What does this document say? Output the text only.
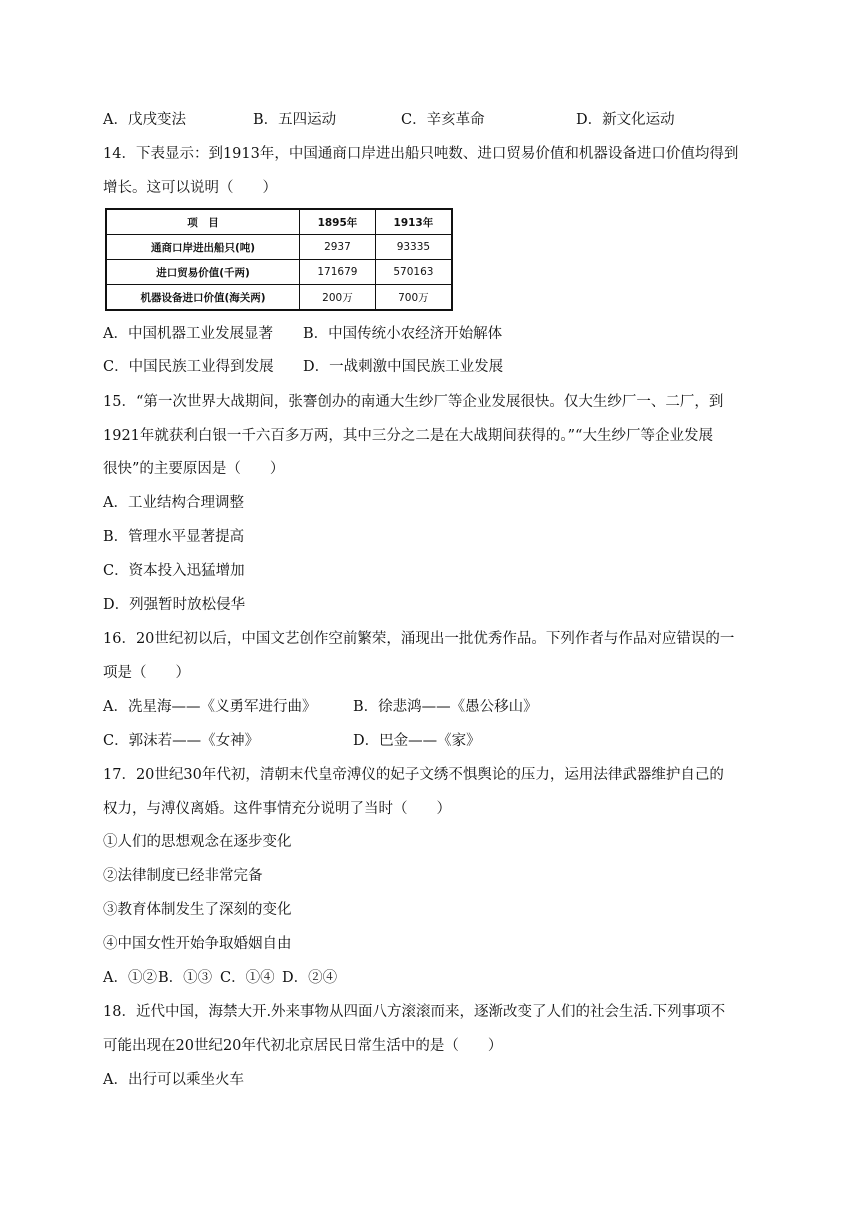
A．戊戌变法	B．五四运动	C．辛亥革命	D．新文化运动
14．下表显示：到1913年，中国通商口岸进出船只吨数、进口贸易价值和机器设备进口价值均得到
增长。这可以说明（　　）
项　目	1895年	1913年
通商口岸进出船只(吨)	2937	93335
进口贸易价值(千两)	171679	570163
机器设备进口价值(海关两)	200万	700万
A．中国机器工业发展显著	B．中国传统小农经济开始解体
C．中国民族工业得到发展	D．一战刺激中国民族工业发展
15．“第一次世界大战期间，张謇创办的南通大生纱厂等企业发展很快。仅大生纱厂一、二厂，到
1921年就获利白银一千六百多万两，其中三分之二是在大战期间获得的。”“大生纱厂等企业发展
很快”的主要原因是（　　）
A．工业结构合理调整
B．管理水平显著提高
C．资本投入迅猛增加
D．列强暂时放松侵华
16．20世纪初以后，中国文艺创作空前繁荣，涌现出一批优秀作品。下列作者与作品对应错误的一
项是（　　）
A．冼星海——《义勇军进行曲》	B．徐悲鸿——《愚公移山》
C．郭沫若——《女神》	D．巴金——《家》
17．20世纪30年代初，清朝末代皇帝溥仪的妃子文绣不惧舆论的压力，运用法律武器维护自己的
权力，与溥仪离婚。这件事情充分说明了当时（　　）
①人们的思想观念在逐步变化
②法律制度已经非常完备
③教育体制发生了深刻的变化
④中国女性开始争取婚姻自由
A．①② B．①③ C．①④ D．②④
18．近代中国，海禁大开.外来事物从四面八方滚滚而来，逐渐改变了人们的社会生活.下列事项不
可能出现在20世纪20年代初北京居民日常生活中的是（　　）
A．出行可以乘坐火车
